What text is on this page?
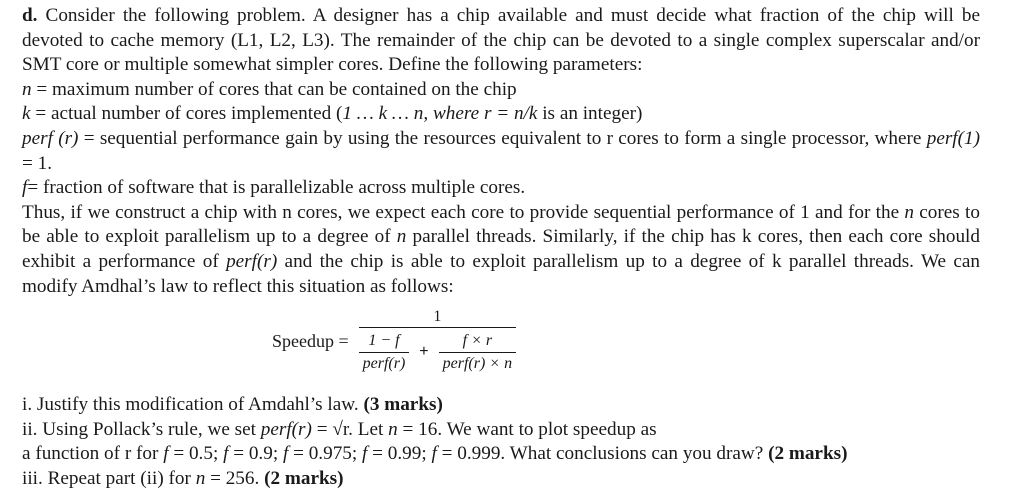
d. Consider the following problem. A designer has a chip available and must decide what fraction of the chip will be devoted to cache memory (L1, L2, L3). The remainder of the chip can be devoted to a single complex superscalar and/or SMT core or multiple somewhat simpler cores. Define the following parameters:

n = maximum number of cores that can be contained on the chip

k = actual number of cores implemented (1 … k … n, where r = n/k is an integer)

perf (r) = sequential performance gain by using the resources equivalent to r cores to form a single processor, where perf(1) = 1.

f= fraction of software that is parallelizable across multiple cores.

Thus, if we construct a chip with n cores, we expect each core to provide sequential performance of 1 and for the n cores to be able to exploit parallelism up to a degree of n parallel threads. Similarly, if the chip has k cores, then each core should exhibit a performance of perf(r) and the chip is able to exploit parallelism up to a degree of k parallel threads. We can modify Amdhal’s law to reflect this situation as follows:

Speedup =
1
$\frac{1 - f}{\text{perf(r)}} + \frac{f \times r}{\text{perf(r) × n}}$

i. Justify this modification of Amdahl’s law. (3 marks)

ii. Using Pollack’s rule, we set perf(r) = √r. Let n = 16. We want to plot speedup as

a function of r for f = 0.5; f = 0.9; f = 0.975; f = 0.99; f = 0.999. What conclusions can you draw? (2 marks)

iii. Repeat part (ii) for n = 256. (2 marks)
